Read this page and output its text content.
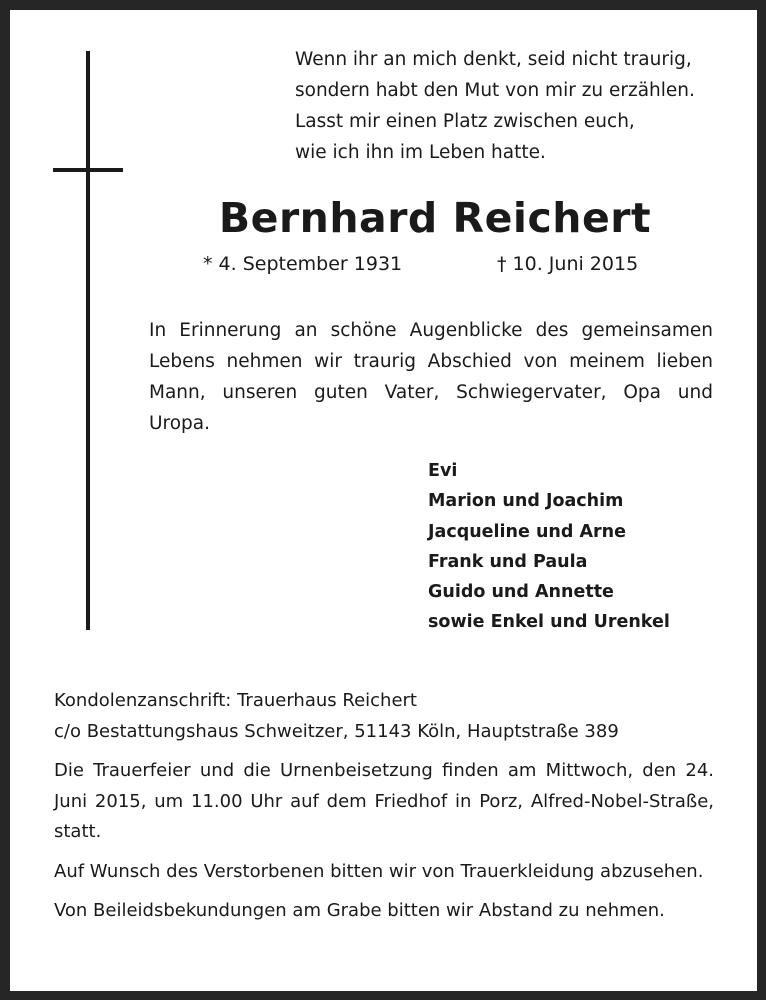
Wenn ihr an mich denkt, seid nicht traurig,
sondern habt den Mut von mir zu erzählen.
Lasst mir einen Platz zwischen euch,
wie ich ihn im Leben hatte.
Bernhard Reichert
* 4. September 1931	† 10. Juni 2015

In Erinnerung an schöne Augenblicke des gemeinsamen Lebens nehmen wir traurig Abschied von meinem lieben Mann, unseren guten Vater, Schwiegervater, Opa und Uropa.

Evi
Marion und Joachim
Jacqueline und Arne
Frank und Paula
Guido und Annette
sowie Enkel und Urenkel

Kondolenzanschrift: Trauerhaus Reichert

c/o Bestattungshaus Schweitzer, 51143 Köln, Hauptstraße 389

Die Trauerfeier und die Urnenbeisetzung finden am Mittwoch, den 24. Juni 2015, um 11.00 Uhr auf dem Friedhof in Porz, Alfred-Nobel-Straße, statt.

Auf Wunsch des Verstorbenen bitten wir von Trauerkleidung abzusehen.

Von Beileidsbekundungen am Grabe bitten wir Abstand zu nehmen.
